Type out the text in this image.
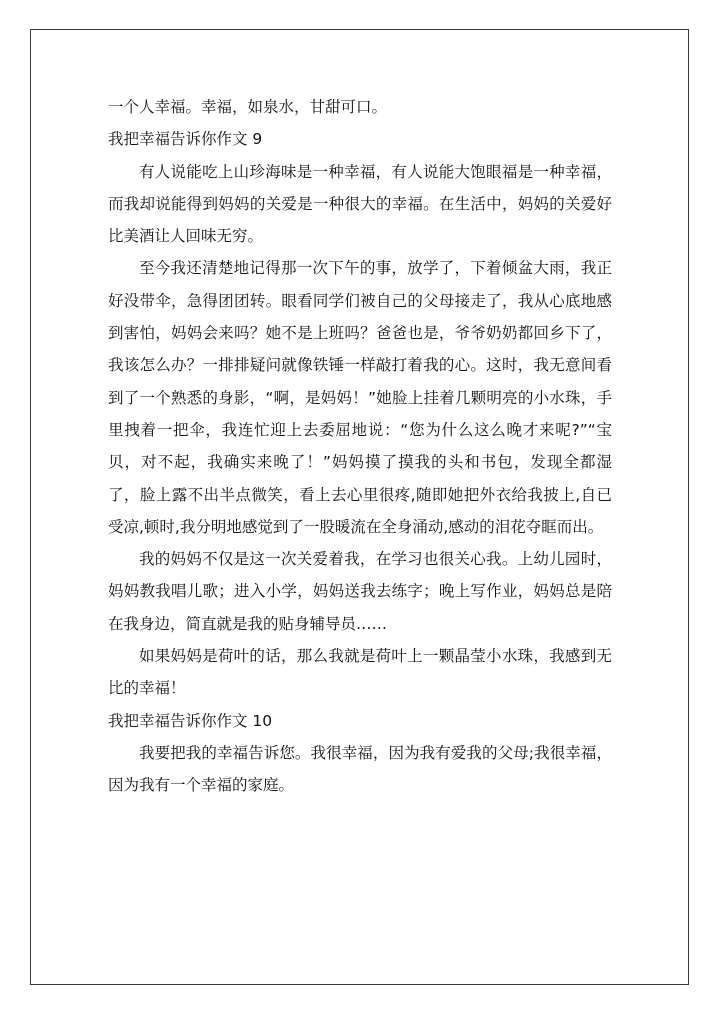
一个人幸福。幸福，如泉水，甘甜可口。

我把幸福告诉你作文 9

有人说能吃上山珍海味是一种幸福，有人说能大饱眼福是一种幸福，而我却说能得到妈妈的关爱是一种很大的幸福。在生活中，妈妈的关爱好比美酒让人回味无穷。

至今我还清楚地记得那一次下午的事，放学了，下着倾盆大雨，我正好没带伞，急得团团转。眼看同学们被自己的父母接走了，我从心底地感到害怕，妈妈会来吗？她不是上班吗？爸爸也是，爷爷奶奶都回乡下了，我该怎么办？一排排疑问就像铁锤一样敲打着我的心。这时，我无意间看到了一个熟悉的身影，“啊，是妈妈！”她脸上挂着几颗明亮的小水珠，手里拽着一把伞，我连忙迎上去委屈地说：“您为什么这么晚才来呢?”“宝贝，对不起，我确实来晚了！”妈妈摸了摸我的头和书包，发现全都湿了，脸上露不出半点微笑，看上去心里很疼,随即她把外衣给我披上,自已受凉,顿时,我分明地感觉到了一股暖流在全身涌动,感动的泪花夺眶而出。

我的妈妈不仅是这一次关爱着我，在学习也很关心我。上幼儿园时，妈妈教我唱儿歌；进入小学，妈妈送我去练字；晚上写作业，妈妈总是陪在我身边，简直就是我的贴身辅导员……

如果妈妈是荷叶的话，那么我就是荷叶上一颗晶莹小水珠，我感到无比的幸福！

我把幸福告诉你作文 10

我要把我的幸福告诉您。我很幸福，因为我有爱我的父母;我很幸福，因为我有一个幸福的家庭。
